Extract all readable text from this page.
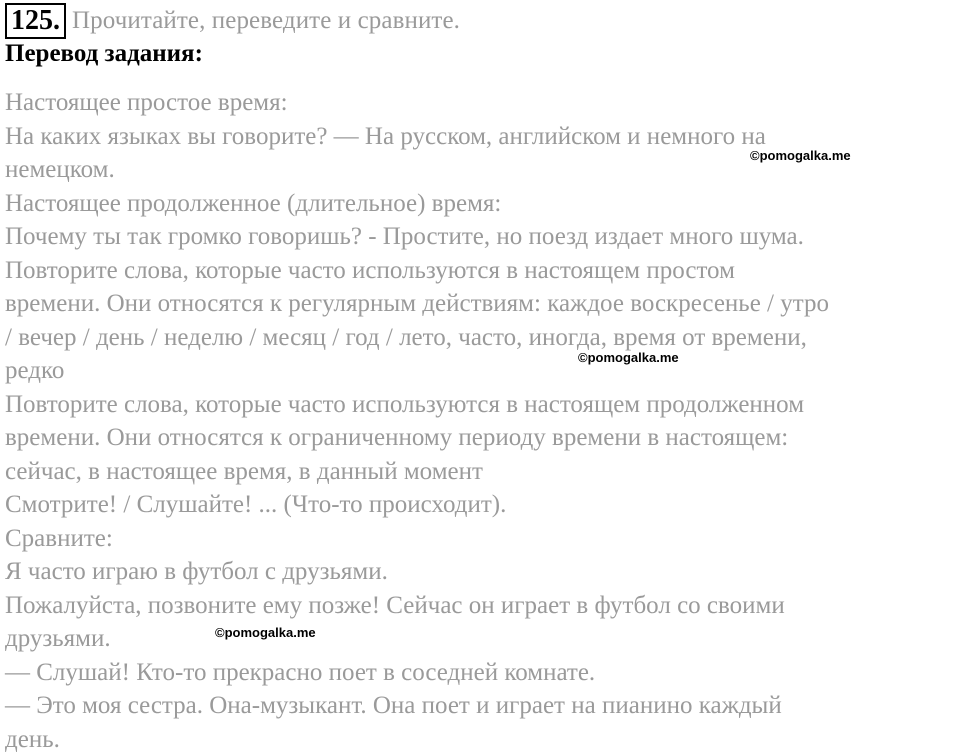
125. Прочитайте, переведите и сравните.
Перевод задания:
Настоящее простое время:
На каких языках вы говорите? — На русском, английском и немного на
немецком.
Настоящее продолженное (длительное) время:
Почему ты так громко говоришь? - Простите, но поезд издает много шума.
Повторите слова, которые часто используются в настоящем простом
времени. Они относятся к регулярным действиям: каждое воскресенье / утро
/ вечер / день / неделю / месяц / год / лето, часто, иногда, время от времени,
редко
Повторите слова, которые часто используются в настоящем продолженном
времени. Они относятся к ограниченному периоду времени в настоящем:
сейчас, в настоящее время, в данный момент
Смотрите! / Слушайте! ... (Что-то происходит).
Сравните:
Я часто играю в футбол с друзьями.
Пожалуйста, позвоните ему позже! Сейчас он играет в футбол со своими
друзьями.
— Слушай! Кто-то прекрасно поет в соседней комнате.
— Это моя сестра. Она-музыкант. Она поет и играет на пианино каждый
день.
©pomogalka.me
©pomogalka.me
©pomogalka.me
